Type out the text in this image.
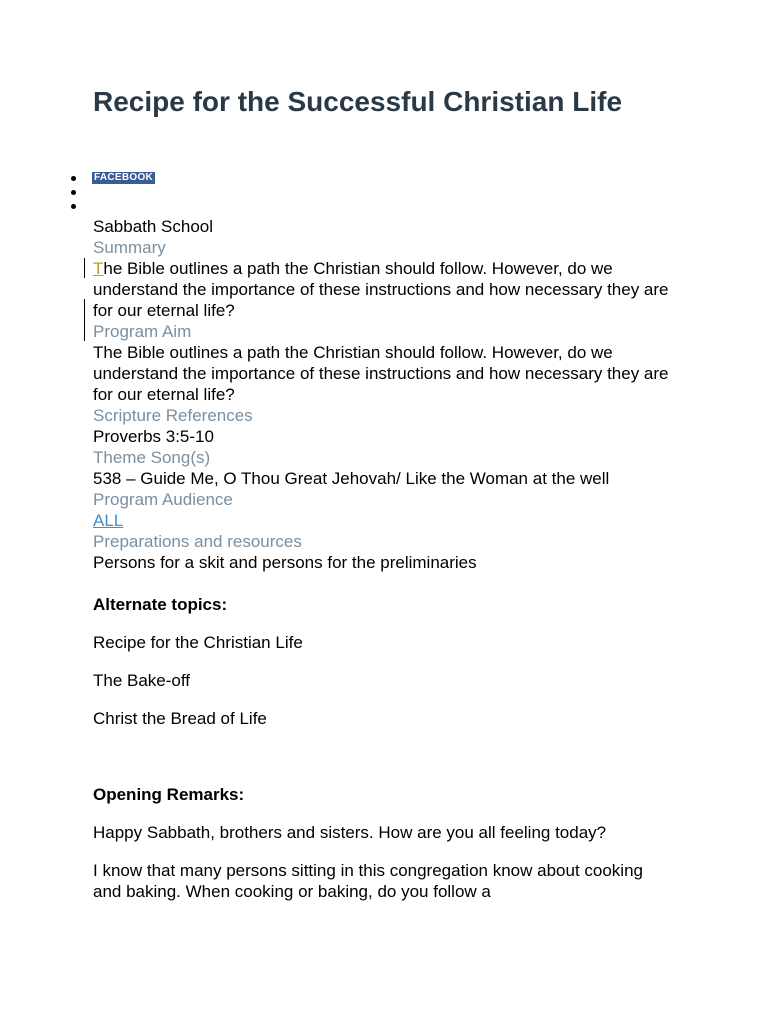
Recipe for the Successful Christian Life
FACEBOOK

Sabbath School

Summary

The Bible outlines a path the Christian should follow. However, do we understand the importance of these instructions and how necessary they are for our eternal life?

Program Aim

The Bible outlines a path the Christian should follow. However, do we understand the importance of these instructions and how necessary they are for our eternal life?

Scripture References

Proverbs 3:5-10

Theme Song(s)

538 – Guide Me, O Thou Great Jehovah/ Like the Woman at the well

Program Audience

ALL

Preparations and resources

Persons for a skit and persons for the preliminaries

Alternate topics:

Recipe for the Christian Life

The Bake-off

Christ the Bread of Life

Opening Remarks:

Happy Sabbath, brothers and sisters. How are you all feeling today?

I know that many persons sitting in this congregation know about cooking and baking. When cooking or baking, do you follow a
